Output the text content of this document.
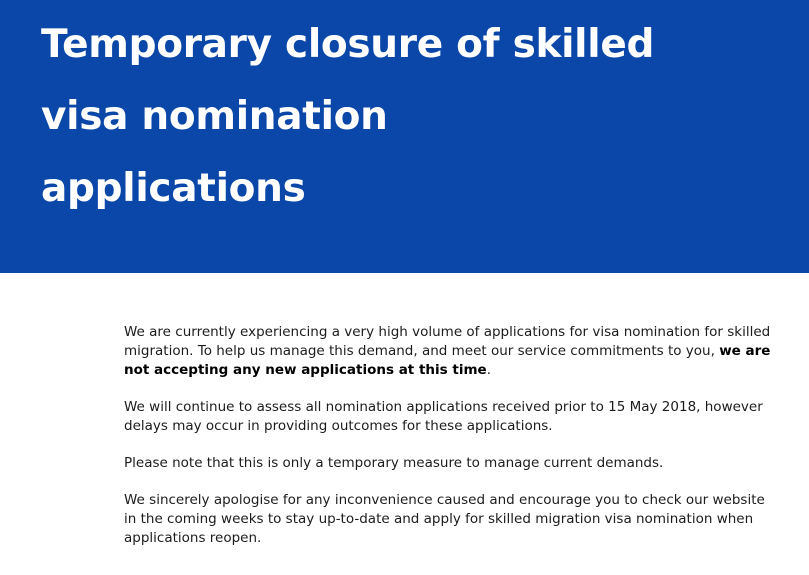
Temporary closure of skilled
visa nomination
applications

We are currently experiencing a very high volume of applications for visa nomination for skilled migration. To help us manage this demand, and meet our service commitments to you, we are not accepting any new applications at this time.

We will continue to assess all nomination applications received prior to 15 May 2018, however delays may occur in providing outcomes for these applications.

Please note that this is only a temporary measure to manage current demands.

We sincerely apologise for any inconvenience caused and encourage you to check our website in the coming weeks to stay up-to-date and apply for skilled migration visa nomination when applications reopen.
